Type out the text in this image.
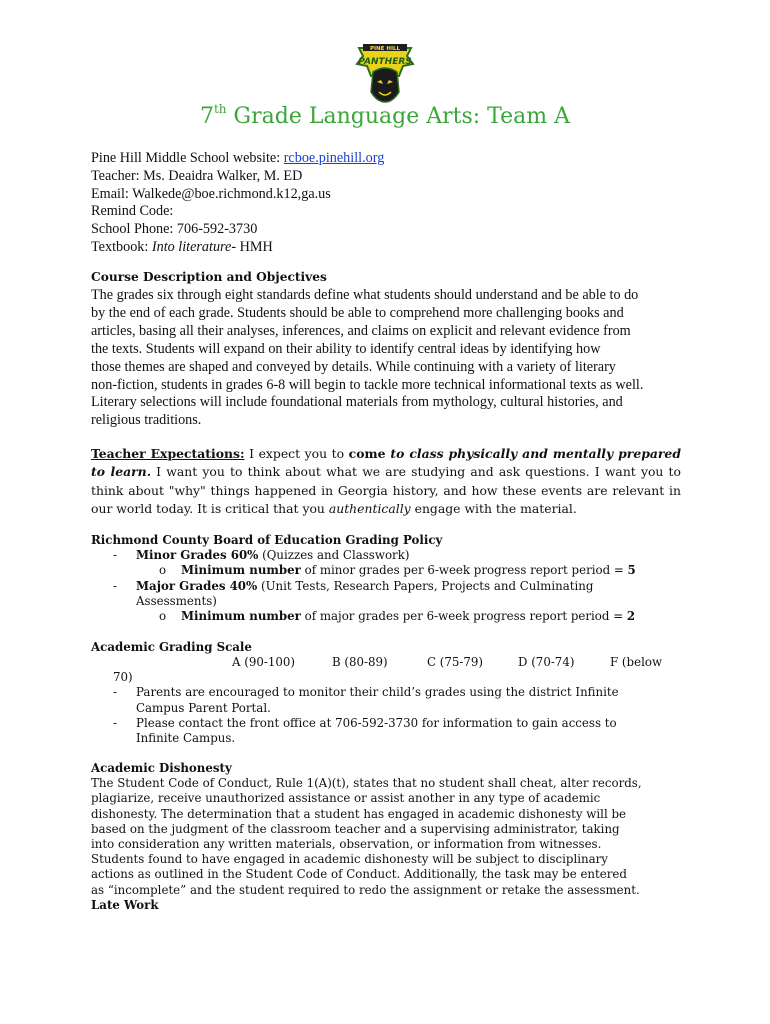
PINE HILL
PANTHERS
7th Grade Language Arts: Team A
Pine Hill Middle School website: rcboe.pinehill.org
Teacher: Ms. Deaidra Walker, M. ED
Email: Walkede@boe.richmond.k12,ga.us
Remind Code:
School Phone: 706-592-3730
Textbook: Into literature- HMH
Course Description and Objectives
The grades six through eight standards define what students should understand and be able to do
by the end of each grade. Students should be able to comprehend more challenging books and
articles, basing all their analyses, inferences, and claims on explicit and relevant evidence from
the texts. Students will expand on their ability to identify central ideas by identifying how
those themes are shaped and conveyed by details. While continuing with a variety of literary
non-fiction, students in grades 6-8 will begin to tackle more technical informational texts as well.
Literary selections will include foundational materials from mythology, cultural histories, and
religious traditions.
Teacher Expectations: I expect you to come to class physically and mentally prepared to learn. I want you to think about what we are studying and ask questions. I want you to think about "why" things happened in Georgia history, and how these events are relevant in our world today. It is critical that you authentically engage with the material.
Richmond County Board of Education Grading Policy
- Minor Grades 60% (Quizzes and Classwork)
o Minimum number of minor grades per 6-week progress report period = 5
- Major Grades 40% (Unit Tests, Research Papers, Projects and Culminating
Assessments)
o Minimum number of major grades per 6-week progress report period = 2
Academic Grading Scale
A (90-100)	B (80-89)	C (75-79)	D (70-74)	F (below
70)
- Parents are encouraged to monitor their child’s grades using the district Infinite
Campus Parent Portal.
- Please contact the front office at 706-592-3730 for information to gain access to
Infinite Campus.
Academic Dishonesty
The Student Code of Conduct, Rule 1(A)(t), states that no student shall cheat, alter records,
plagiarize, receive unauthorized assistance or assist another in any type of academic
dishonesty. The determination that a student has engaged in academic dishonesty will be
based on the judgment of the classroom teacher and a supervising administrator, taking
into consideration any written materials, observation, or information from witnesses.
Students found to have engaged in academic dishonesty will be subject to disciplinary
actions as outlined in the Student Code of Conduct. Additionally, the task may be entered
as “incomplete” and the student required to redo the assignment or retake the assessment.
Late Work
